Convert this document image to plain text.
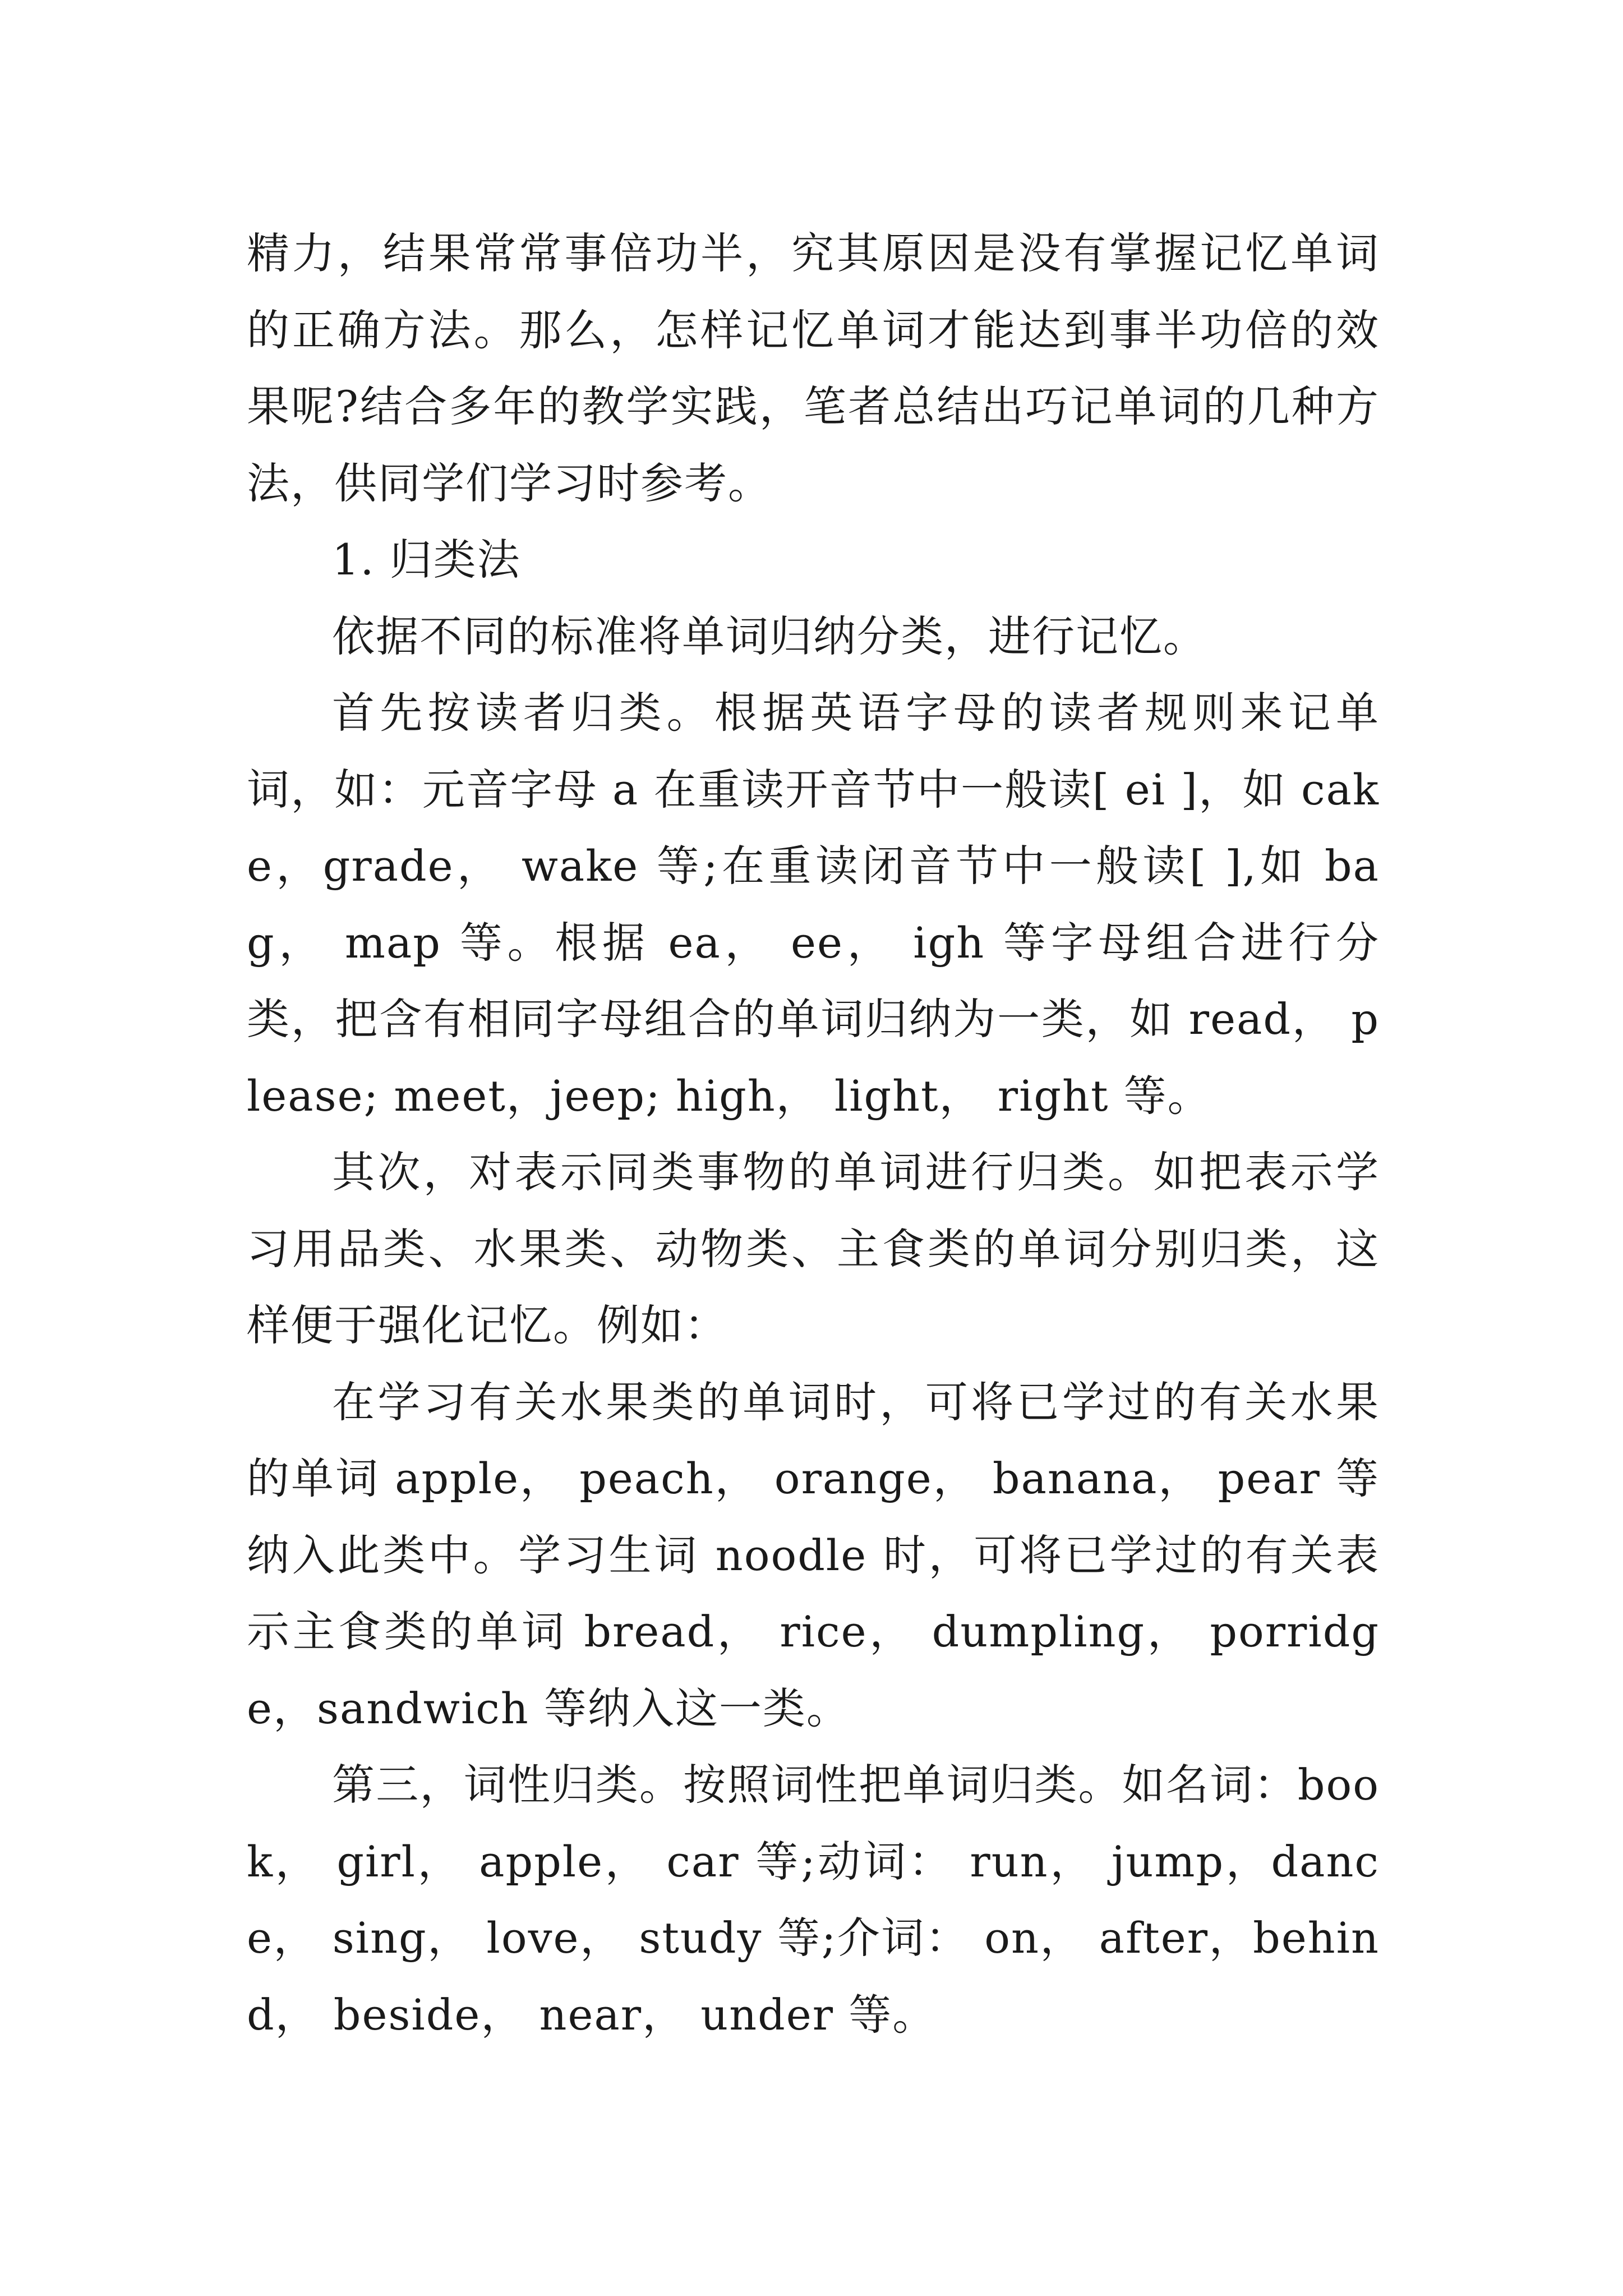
精力，结果常常事倍功半，究其原因是没有掌握记忆单词的正确方法。那么，怎样记忆单词才能达到事半功倍的效果呢?结合多年的教学实践，笔者总结出巧记单词的几种方法，供同学们学习时参考。

1. 归类法

依据不同的标准将单词归纳分类，进行记忆。

首先按读者归类。根据英语字母的读者规则来记单词，如：元音字母 a 在重读开音节中一般读[ ei ]，如 cake，grade， wake 等;在重读闭音节中一般读[ ],如 bag， map 等。根据 ea， ee， igh 等字母组合进行分类，把含有相同字母组合的单词归纳为一类，如 read， please; meet，jeep; high， light， right 等。

其次，对表示同类事物的单词进行归类。如把表示学习用品类、水果类、动物类、主食类的单词分别归类，这样便于强化记忆。例如：

在学习有关水果类的单词时，可将已学过的有关水果的单词 apple， peach， orange， banana， pear 等纳入此类中。学习生词 noodle 时，可将已学过的有关表示主食类的单词 bread， rice， dumpling， porridge，sandwich 等纳入这一类。

第三，词性归类。按照词性把单词归类。如名词：book， girl， apple， car 等;动词： run， jump，dance， sing， love， study 等;介词： on， after，behind， beside， near， under 等。
